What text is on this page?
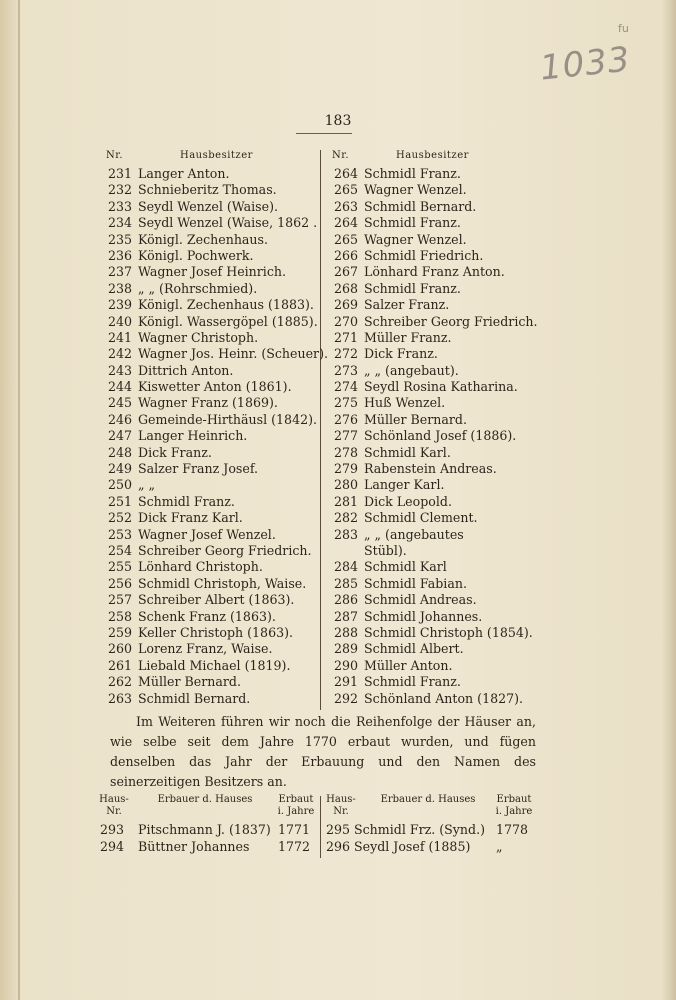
1033
fu
183
Nr.	Hausbesitzer
231 Langer Anton.
232 Schnieberitz Thomas.
233 Seydl Wenzel (Waise).
234 Seydl Wenzel (Waise, 1862 .
235 Königl. Zechenhaus.
236 Königl. Pochwerk.
237 Wagner Josef Heinrich.
238 „ „ (Rohrschmied).
239 Königl. Zechenhaus (1883).
240 Königl. Wassergöpel (1885).
241 Wagner Christoph.
242 Wagner Jos. Heinr. (Scheuer).
243 Dittrich Anton.
244 Kiswetter Anton (1861).
245 Wagner Franz (1869).
246 Gemeinde-Hirthäusl (1842).
247 Langer Heinrich.
248 Dick Franz.
249 Salzer Franz Josef.
250 „ „
251 Schmidl Franz.
252 Dick Franz Karl.
253 Wagner Josef Wenzel.
254 Schreiber Georg Friedrich.
255 Lönhard Christoph.
256 Schmidl Christoph, Waise.
257 Schreiber Albert (1863).
258 Schenk Franz (1863).
259 Keller Christoph (1863).
260 Lorenz Franz, Waise.
261 Liebald Michael (1819).
262 Müller Bernard.
263 Schmidl Bernard.
Nr.	Hausbesitzer
264 Schmidl Franz.
265 Wagner Wenzel.
263 Schmidl Bernard.
264 Schmidl Franz.
265 Wagner Wenzel.
266 Schmidl Friedrich.
267 Lönhard Franz Anton.
268 Schmidl Franz.
269 Salzer Franz.
270 Schreiber Georg Friedrich.
271 Müller Franz.
272 Dick Franz.
273 „ „ (angebaut).
274 Seydl Rosina Katharina.
275 Huß Wenzel.
276 Müller Bernard.
277 Schönland Josef (1886).
278 Schmidl Karl.
279 Rabenstein Andreas.
280 Langer Karl.
281 Dick Leopold.
282 Schmidl Clement.
283 „ „ (angebautes
Stübl).
284 Schmidl Karl
285 Schmidl Fabian.
286 Schmidl Andreas.
287 Schmidl Johannes.
288 Schmidl Christoph (1854).
289 Schmidl Albert.
290 Müller Anton.
291 Schmidl Franz.
292 Schönland Anton (1827).

Im Weiteren führen wir noch die Reihenfolge der Häuser an, wie selbe seit dem Jahre 1770 erbaut wurden, und fügen denselben das Jahr der Erbauung und den Namen des seinerzeitigen Besitzers an.

Haus-
Nr.
Erbauer d. Hauses	Erbaut
i. Jahre
293 Pitschmann J. (1837) 1771
294 Büttner Johannes 1772
Haus-
Nr.
Erbauer d. Hauses	Erbaut
i. Jahre
295 Schmidl Frz. (Synd.) 1778
296 Seydl Josef (1885) „
